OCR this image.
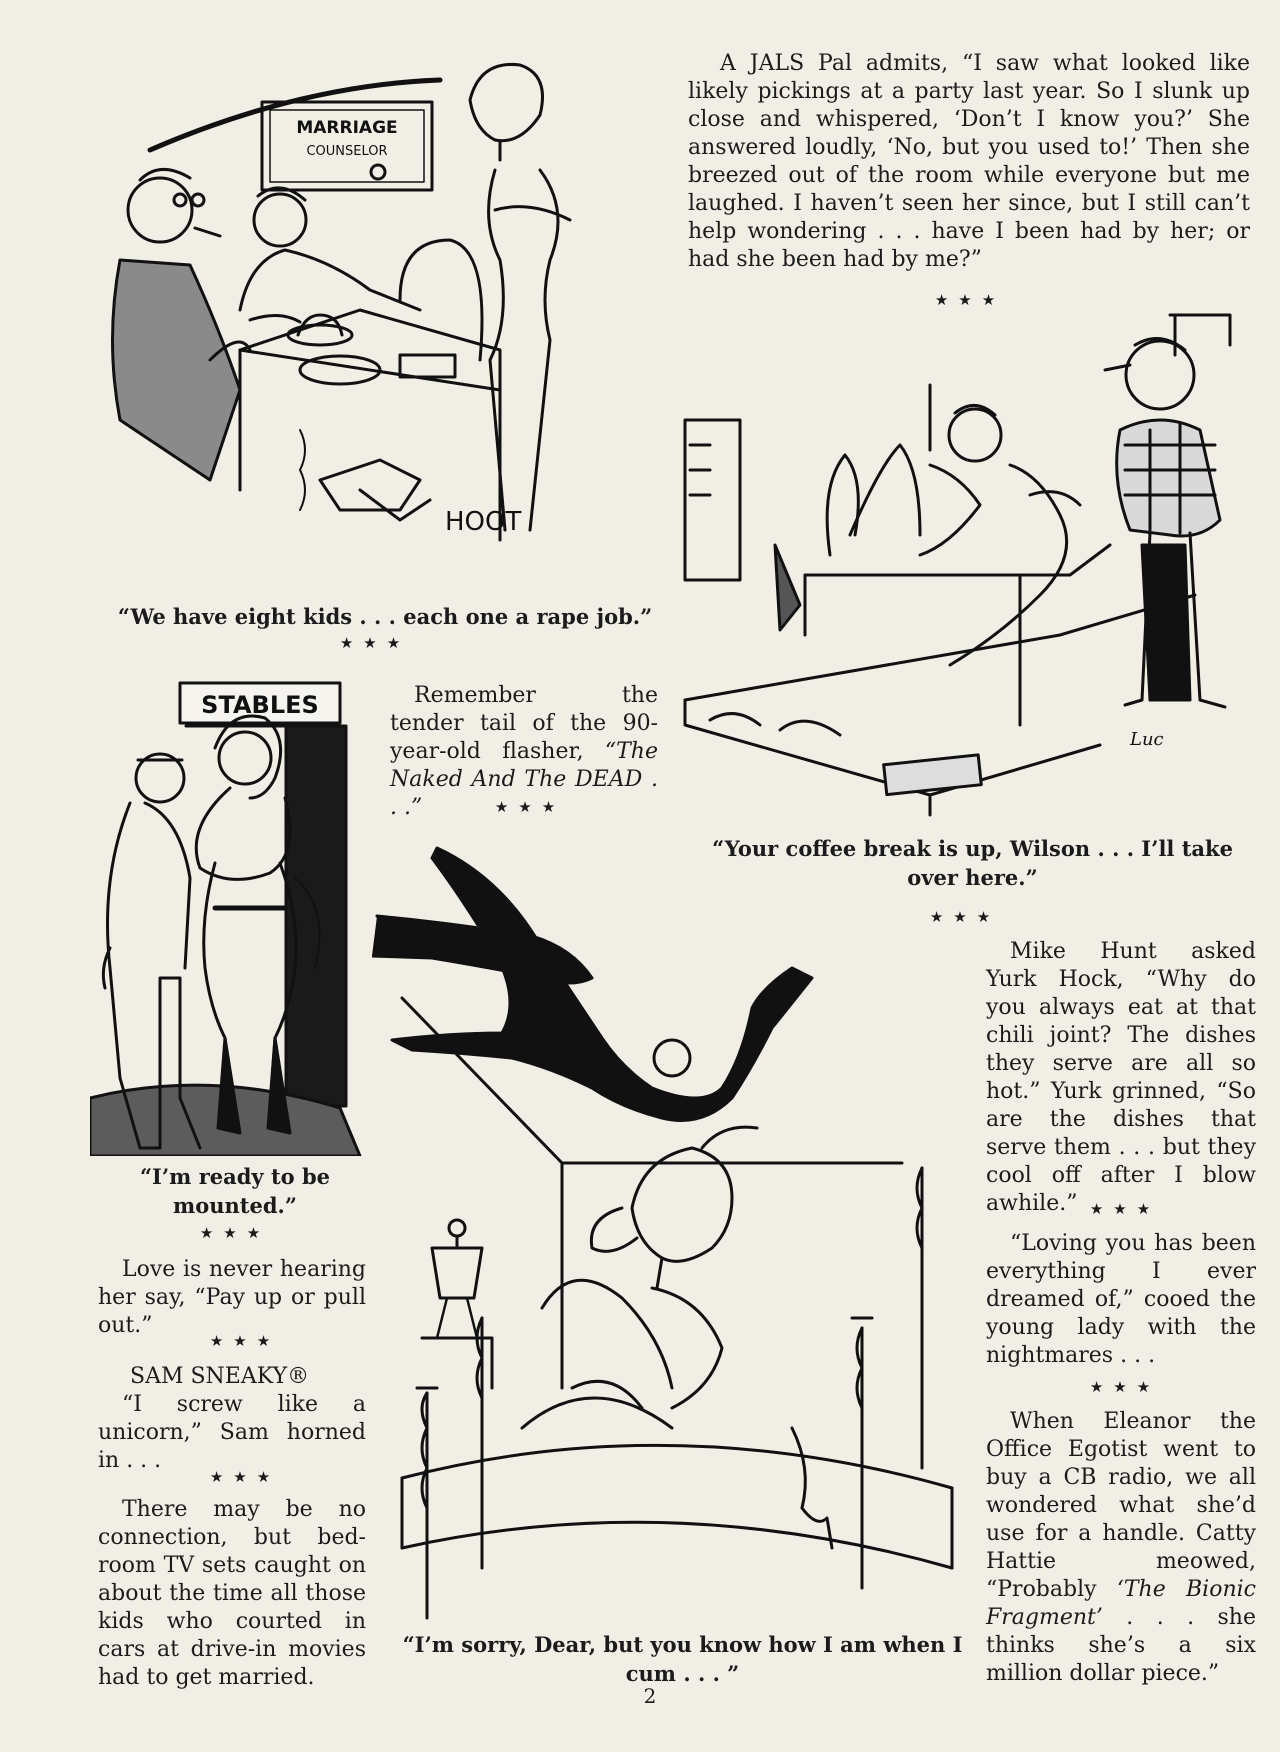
MARRIAGE
COUNSELOR
HOOT
“We have eight kids . . . each one a rape job.”
★★★
A JALS Pal admits, “I saw what looked like likely pickings at a party last year. So I slunk up close and whispered, ‘Don’t I know you?’ She answered loudly, ‘No, but you used to!’ Then she breezed out of the room while everyone but me laughed. I haven’t seen her since, but I still can’t help wondering . . . have I been had by her; or had she been had by me?”
★★★
Luc
“Your coffee break is up, Wilson . . . I’ll take over here.”
★★★
STABLES
“I’m ready to be mounted.”
★★★
Remember the tender tail of the 90-year-old flasher, “The Naked And The DEAD . . .”	★★★
“I’m sorry, Dear, but you know how I am when I cum . . . ”
Love is never hearing her say, “Pay up or pull out.”
★★★
SAM SNEAKY®
“I screw like a unicorn,” Sam horned in . . .
★★★
There may be no connection, but bed-room TV sets caught on about the time all those kids who courted in cars at drive-in movies had to get married.
Mike Hunt asked Yurk Hock, “Why do you always eat at that chili joint? The dishes they serve are all so hot.” Yurk grinned, “So are the dishes that serve them . . . but they cool off after I blow awhile.” ★★★
“Loving you has been everything I ever dreamed of,” cooed the young lady with the nightmares . . .
★★★
When Eleanor the Office Egotist went to buy a CB radio, we all wondered what she’d use for a handle. Catty Hattie meowed, “Probably ‘The Bionic Fragment’ . . . she thinks she’s a six million dollar piece.”
2
